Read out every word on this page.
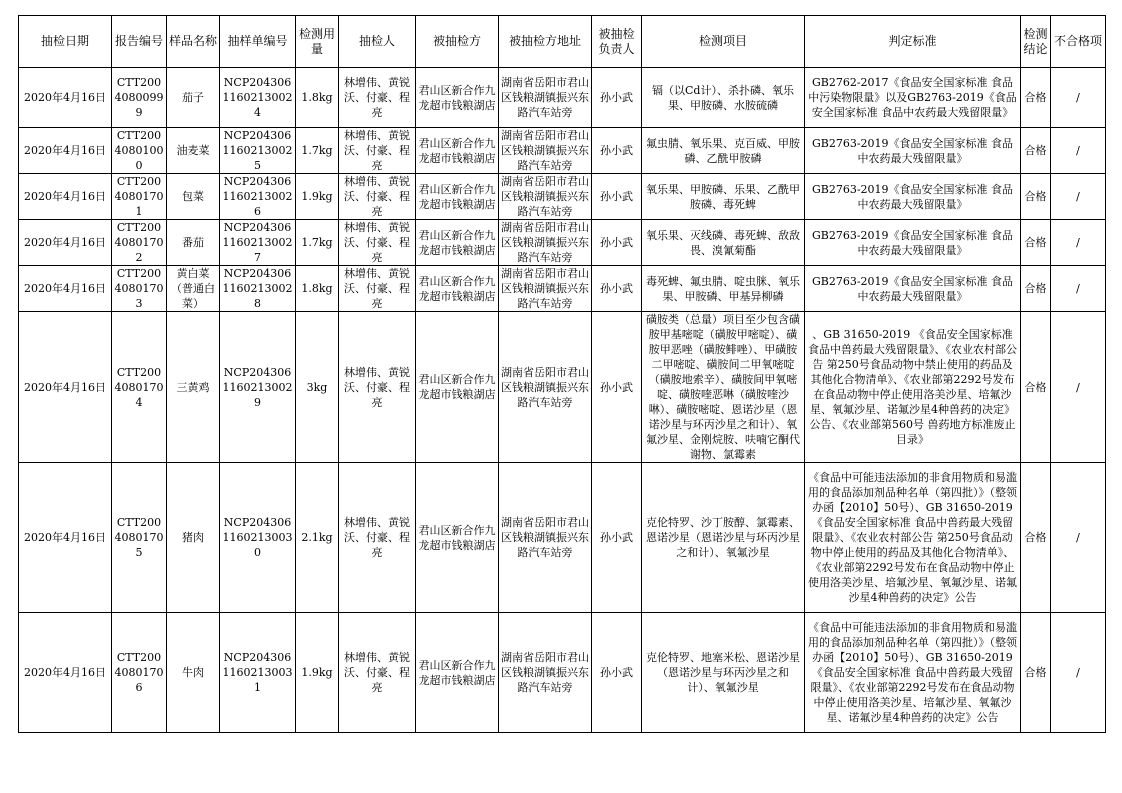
抽检日期	报告编号	样品名称	抽样单编号	检测用量	抽检人	被抽检方	被抽检方地址	被抽检负责人	检测项目	判定标准	检测结论	不合格项
2020年4月16日	CTT20040800999	茄子	NCP20430611602130024	1.8kg	林增伟、黄锐沃、付豪、程亮	君山区新合作九龙超市钱粮湖店	湖南省岳阳市君山区钱粮湖镇振兴东路汽车站旁	孙小武	镉（以Cd计）、杀扑磷、氧乐果、甲胺磷、水胺硫磷	GB2762-2017《食品安全国家标准 食品中污染物限量》以及GB2763-2019《食品安全国家标准 食品中农药最大残留限量》	合格	/
2020年4月16日	CTT20040801000	油麦菜	NCP20430611602130025	1.7kg	林增伟、黄锐沃、付豪、程亮	君山区新合作九龙超市钱粮湖店	湖南省岳阳市君山区钱粮湖镇振兴东路汽车站旁	孙小武	氟虫腈、氧乐果、克百威、甲胺磷、乙酰甲胺磷	GB2763-2019《食品安全国家标准 食品中农药最大残留限量》	合格	/
2020年4月16日	CTT20040801701	包菜	NCP20430611602130026	1.9kg	林增伟、黄锐沃、付豪、程亮	君山区新合作九龙超市钱粮湖店	湖南省岳阳市君山区钱粮湖镇振兴东路汽车站旁	孙小武	氧乐果、甲胺磷、乐果、乙酰甲胺磷、毒死蜱	GB2763-2019《食品安全国家标准 食品中农药最大残留限量》	合格	/
2020年4月16日	CTT20040801702	番茄	NCP20430611602130027	1.7kg	林增伟、黄锐沃、付豪、程亮	君山区新合作九龙超市钱粮湖店	湖南省岳阳市君山区钱粮湖镇振兴东路汽车站旁	孙小武	氧乐果、灭线磷、毒死蜱、敌敌畏、溴氰菊酯	GB2763-2019《食品安全国家标准 食品中农药最大残留限量》	合格	/
2020年4月16日	CTT20040801703	黄白菜（普通白菜）	NCP20430611602130028	1.8kg	林增伟、黄锐沃、付豪、程亮	君山区新合作九龙超市钱粮湖店	湖南省岳阳市君山区钱粮湖镇振兴东路汽车站旁	孙小武	毒死蜱、氟虫腈、啶虫脒、氧乐果、甲胺磷、甲基异柳磷	GB2763-2019《食品安全国家标准 食品中农药最大残留限量》	合格	/
2020年4月16日	CTT20040801704	三黄鸡	NCP20430611602130029	3kg	林增伟、黄锐沃、付豪、程亮	君山区新合作九龙超市钱粮湖店	湖南省岳阳市君山区钱粮湖镇振兴东路汽车站旁	孙小武	磺胺类（总量）项目至少包含磺胺甲基嘧啶（磺胺甲嘧啶）、磺胺甲恶唑（磺胺鲱唑）、甲磺胺二甲嘧啶、磺胺间二甲氧嘧啶（磺胺地索辛）、磺胺间甲氧嘧啶、磺胺喹恶啉（磺胺喹沙啉）、磺胺嘧啶、恩诺沙星（恩诺沙星与环丙沙星之和计）、氧氟沙星、金刚烷胺、呋喃它酮代谢物、氯霉素	、GB 31650-2019 《食品安全国家标准 食品中兽药最大残留限量》、《农业农村部公告 第250号食品动物中禁止使用的药品及其他化合物清单》、《农业部第2292号发布在食品动物中停止使用洛美沙星、培氟沙星、氧氟沙星、诺氟沙星4种兽药的决定》公告、《农业部第560号 兽药地方标准废止目录》	合格	/
2020年4月16日	CTT20040801705	猪肉	NCP20430611602130030	2.1kg	林增伟、黄锐沃、付豪、程亮	君山区新合作九龙超市钱粮湖店	湖南省岳阳市君山区钱粮湖镇振兴东路汽车站旁	孙小武	克伦特罗、沙丁胺醇、氯霉素、恩诺沙星（恩诺沙星与环丙沙星之和计）、氧氟沙星	《食品中可能违法添加的非食用物质和易滥用的食品添加剂品种名单（第四批）》（整领办函【2010】50号）、GB 31650-2019 《食品安全国家标准 食品中兽药最大残留限量》、《农业农村部公告 第250号食品动物中停止使用的药品及其他化合物清单》、《农业部第2292号发布在食品动物中停止使用洛美沙星、培氟沙星、氧氟沙星、诺氟沙星4种兽药的决定》公告	合格	/
2020年4月16日	CTT20040801706	牛肉	NCP20430611602130031	1.9kg	林增伟、黄锐沃、付豪、程亮	君山区新合作九龙超市钱粮湖店	湖南省岳阳市君山区钱粮湖镇振兴东路汽车站旁	孙小武	克伦特罗、地塞米松、恩诺沙星（恩诺沙星与环丙沙星之和计）、氧氟沙星	《食品中可能违法添加的非食用物质和易滥用的食品添加剂品种名单（第四批）》（整领办函【2010】50号）、GB 31650-2019 《食品安全国家标准 食品中兽药最大残留限量》、《农业部第2292号发布在食品动物中停止使用洛美沙星、培氟沙星、氧氟沙星、诺氟沙星4种兽药的决定》公告	合格	/
